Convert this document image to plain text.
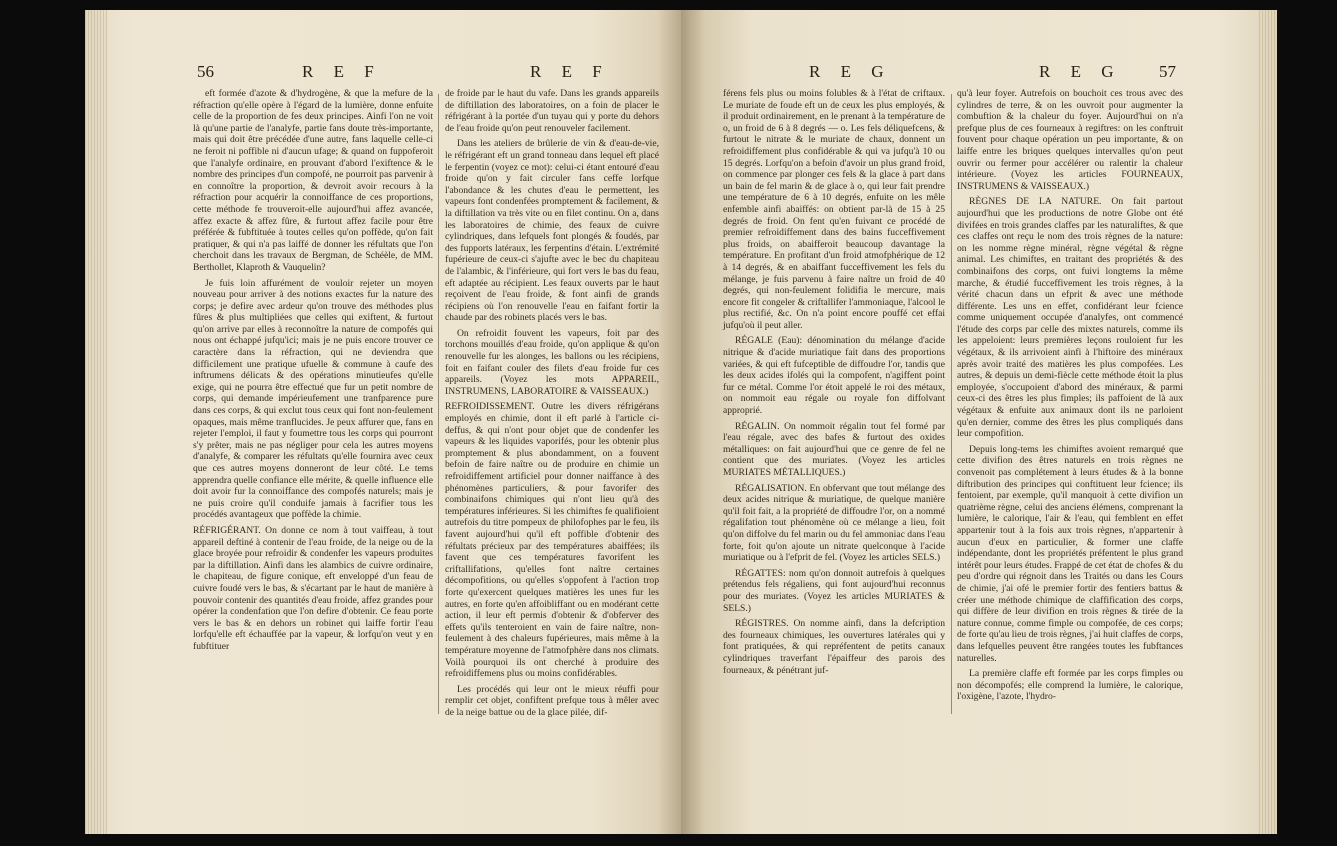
56	R E F	R E F

eft formée d'azote & d'hydrogène, & que la mefure de la réfraction qu'elle opère à l'égard de la lumière, donne enfuite celle de la proportion de fes deux principes. Ainfi l'on ne voit là qu'une partie de l'analyfe, partie fans doute très-importante, mais qui doit être précédée d'une autre, fans laquelle celle-ci ne feroit ni poffible ni d'aucun ufage; & quand on fuppoferoit que l'analyfe ordinaire, en prouvant d'abord l'exiftence & le nombre des principes d'un compofé, ne pourroit pas parvenir à en connoître la proportion, & devroit avoir recours à la réfraction pour acquérir la connoiffance de ces proportions, cette méthode fe trouveroit-elle aujourd'hui affez avancée, affez exacte & affez fûre, & furtout affez facile pour être préférée & fubftituée à toutes celles qu'on poffède, qu'on fait pratiquer, & qui n'a pas laiffé de donner les réfultats que l'on cherchoit dans les travaux de Bergman, de Schéèle, de MM. Berthollet, Klaproth & Vauquelin?

Je fuis loin affurément de vouloir rejeter un moyen nouveau pour arriver à des notions exactes fur la nature des corps; je defire avec ardeur qu'on trouve des méthodes plus fûres & plus multipliées que celles qui exiftent, & furtout qu'on arrive par elles à reconnoître la nature de compofés qui nous ont échappé jufqu'ici; mais je ne puis encore trouver ce caractère dans la réfraction, qui ne deviendra que difficilement une pratique ufuelle & commune à caufe des inftrumens délicats & des opérations minutieufes qu'elle exige, qui ne pourra être effectué que fur un petit nombre de corps, qui demande impérieufement une tranfparence pure dans ces corps, & qui exclut tous ceux qui font non-feulement opaques, mais même tranflucides. Je peux affurer que, fans en rejeter l'emploi, il faut y foumettre tous les corps qui pourront s'y prêter, mais ne pas négliger pour cela les autres moyens d'analyfe, & comparer les réfultats qu'elle fournira avec ceux que ces autres moyens donneront de leur côté. Le tems apprendra quelle confiance elle mérite, & quelle influence elle doit avoir fur la connoiffance des compofés naturels; mais je ne puis croire qu'il conduife jamais à facrifier tous les procédés avantageux que poffède la chimie.

RÉFRIGÉRANT. On donne ce nom à tout vaiffeau, à tout appareil deftiné à contenir de l'eau froide, de la neige ou de la glace broyée pour refroidir & condenfer les vapeurs produites par la diftillation. Ainfi dans les alambics de cuivre ordinaire, le chapiteau, de figure conique, eft enveloppé d'un feau de cuivre foudé vers le bas, & s'écartant par le haut de manière à pouvoir contenir des quantités d'eau froide, affez grandes pour opérer la condenfation que l'on defire d'obtenir. Ce feau porte vers le bas & en dehors un robinet qui laiffe fortir l'eau lorfqu'elle eft échauffée par la vapeur, & lorfqu'on veut y en fubftituer

de froide par le haut du vafe. Dans les grands appareils de diftillation des laboratoires, on a foin de placer le réfrigérant à la portée d'un tuyau qui y porte du dehors de l'eau froide qu'on peut renouveler facilement.

Dans les ateliers de brûlerie de vin & d'eau-de-vie, le réfrigérant eft un grand tonneau dans lequel eft placé le ferpentin (voyez ce mot): celui-ci étant entouré d'eau froide qu'on y fait circuler fans ceffe lorfque l'abondance & les chutes d'eau le permettent, les vapeurs font condenfées promptement & facilement, & la diftillation va très vite ou en filet continu. On a, dans les laboratoires de chimie, des feaux de cuivre cylindriques, dans lefquels font plongés & foudés, par des fupports latéraux, les ferpentins d'étain. L'extrémité fupérieure de ceux-ci s'ajufte avec le bec du chapiteau de l'alambic, & l'inférieure, qui fort vers le bas du feau, eft adaptée au récipient. Les feaux ouverts par le haut reçoivent de l'eau froide, & font ainfi de grands récipiens où l'on renouvelle l'eau en faifant fortir la chaude par des robinets placés vers le bas.

On refroidit fouvent les vapeurs, foit par des torchons mouillés d'eau froide, qu'on applique & qu'on renouvelle fur les alonges, les ballons ou les récipiens, foit en faifant couler des filets d'eau froide fur ces appareils. (Voyez les mots APPAREIL, INSTRUMENS, LABORATOIRE & VAISSEAUX.)

REFROIDISSEMENT. Outre les divers réfrigérans employés en chimie, dont il eft parlé à l'article ci-deffus, & qui n'ont pour objet que de condenfer les vapeurs & les liquides vaporifés, pour les obtenir plus promptement & plus abondamment, on a fouvent befoin de faire naître ou de produire en chimie un refroidiffement artificiel pour donner naiffance à des phénomènes particuliers, & pour favorifer des combinaifons chimiques qui n'ont lieu qu'à des températures inférieures. Si les chimiftes fe qualifioient autrefois du titre pompeux de philofophes par le feu, ils favent aujourd'hui qu'il eft poffible d'obtenir des réfultats précieux par des températures abaiffées; ils favent que ces températures favorifent les criftallifations, qu'elles font naître certaines décompofitions, ou qu'elles s'oppofent à l'action trop forte qu'exercent quelques matières les unes fur les autres, en forte qu'en affoibliffant ou en modérant cette action, il leur eft permis d'obtenir & d'obferver des effets qu'ils tenteroient en vain de faire naître, non-feulement à des chaleurs fupérieures, mais même à la température moyenne de l'atmofphère dans nos climats. Voilà pourquoi ils ont cherché à produire des refroidiffemens plus ou moins confidérables.

Les procédés qui leur ont le mieux réuffi pour remplir cet objet, confiftent prefque tous à mêler avec de la neige battue ou de la glace pilée, dif-

R E G	R E G 57

férens fels plus ou moins folubles & à l'état de criftaux. Le muriate de foude eft un de ceux les plus employés, & il produit ordinairement, en le prenant à la température de o, un froid de 6 à 8 degrés — o. Les fels déliquefcens, & furtout le nitrate & le muriate de chaux, donnent un refroidiffement plus confidérable & qui va jufqu'à 10 ou 15 degrés. Lorfqu'on a befoin d'avoir un plus grand froid, on commence par plonger ces fels & la glace à part dans un bain de fel marin & de glace à o, qui leur fait prendre une température de 6 à 10 degrés, enfuite on les mêle enfemble ainfi abaiffés: on obtient par-là de 15 à 25 degrés de froid. On fent qu'en fuivant ce procédé de premier refroidiffement dans des bains fucceffivement plus froids, on abaifferoit beaucoup davantage la température. En profitant d'un froid atmofphérique de 12 à 14 degrés, & en abaiffant fucceffivement les fels du mélange, je fuis parvenu à faire naître un froid de 40 degrés, qui non-feulement folidifia le mercure, mais encore fit congeler & criftallifer l'ammoniaque, l'alcool le plus rectifié, &c. On n'a point encore pouffé cet effai jufqu'où il peut aller.

RÉGALE (Eau): dénomination du mélange d'acide nitrique & d'acide muriatique fait dans des proportions variées, & qui eft fufceptible de diffoudre l'or, tandis que les deux acides ifolés qui la compofent, n'agiffent point fur ce métal. Comme l'or étoit appelé le roi des métaux, on nommoit eau régale ou royale fon diffolvant approprié.

RÉGALIN. On nommoit régalin tout fel formé par l'eau régale, avec des bafes & furtout des oxides métalliques: on fait aujourd'hui que ce genre de fel ne contient que des muriates. (Voyez les articles MURIATES MÉTALLIQUES.)

RÉGALISATION. En obfervant que tout mélange des deux acides nitrique & muriatique, de quelque manière qu'il foit fait, a la propriété de diffoudre l'or, on a nommé régalifation tout phénomène où ce mélange a lieu, foit qu'on diffolve du fel marin ou du fel ammoniac dans l'eau forte, foit qu'on ajoute un nitrate quelconque à l'acide muriatique ou à l'efprit de fel. (Voyez les articles SELS.)

RÉGATTES: nom qu'on donnoit autrefois à quelques prétendus fels régaliens, qui font aujourd'hui reconnus pour des muriates. (Voyez les articles MURIATES & SELS.)

RÉGISTRES. On nomme ainfi, dans la defcription des fourneaux chimiques, les ouvertures latérales qui y font pratiquées, & qui repréfentent de petits canaux cylindriques traverfant l'épaiffeur des parois des fourneaux, & pénétrant juf-

qu'à leur foyer. Autrefois on bouchoit ces trous avec des cylindres de terre, & on les ouvroit pour augmenter la combuftion & la chaleur du foyer. Aujourd'hui on n'a prefque plus de ces fourneaux à regiftres: on les conftruit fouvent pour chaque opération un peu importante, & on laiffe entre les briques quelques intervalles qu'on peut ouvrir ou fermer pour accélérer ou ralentir la chaleur intérieure. (Voyez les articles FOURNEAUX, INSTRUMENS & VAISSEAUX.)

RÈGNES DE LA NATURE. On fait partout aujourd'hui que les productions de notre Globe ont été divifées en trois grandes claffes par les naturaliftes, & que ces claffes ont reçu le nom des trois règnes de la nature: on les nomme règne minéral, règne végétal & règne animal. Les chimiftes, en traitant des propriétés & des combinaifons des corps, ont fuivi longtems la même marche, & étudié fucceffivement les trois règnes, à la vérité chacun dans un efprit & avec une méthode différente. Les uns en effet, confidérant leur fcience comme uniquement occupée d'analyfes, ont commencé l'étude des corps par celle des mixtes naturels, comme ils les appeloient: leurs premières leçons rouloient fur les végétaux, & ils arrivoient ainfi à l'hiftoire des minéraux après avoir traité des matières les plus compofées. Les autres, & depuis un demi-fiècle cette méthode étoit la plus employée, s'occupoient d'abord des minéraux, & parmi ceux-ci des êtres les plus fimples; ils paffoient de là aux végétaux & enfuite aux animaux dont ils ne parloient qu'en dernier, comme des êtres les plus compliqués dans leur compofition.

Depuis long-tems les chimiftes avoient remarqué que cette divifion des êtres naturels en trois règnes ne convenoit pas complétement à leurs études & à la bonne diftribution des principes qui conftituent leur fcience; ils fentoient, par exemple, qu'il manquoit à cette divifion un quatrième règne, celui des anciens élémens, comprenant la lumière, le calorique, l'air & l'eau, qui femblent en effet appartenir tout à la fois aux trois règnes, n'appartenir à aucun d'eux en particulier, & former une claffe indépendante, dont les propriétés préfentent le plus grand intérêt pour leurs études. Frappé de cet état de chofes & du peu d'ordre qui régnoit dans les Traités ou dans les Cours de chimie, j'ai ofé le premier fortir des fentiers battus & créer une méthode chimique de claffification des corps, qui diffère de leur divifion en trois règnes & tirée de la nature connue, comme fimple ou compofée, de ces corps; de forte qu'au lieu de trois règnes, j'ai huit claffes de corps, dans lefquelles peuvent être rangées toutes les fubftances naturelles.

La première claffe eft formée par les corps fimples ou non décompofés; elle comprend la lumière, le calorique, l'oxigène, l'azote, l'hydro-
